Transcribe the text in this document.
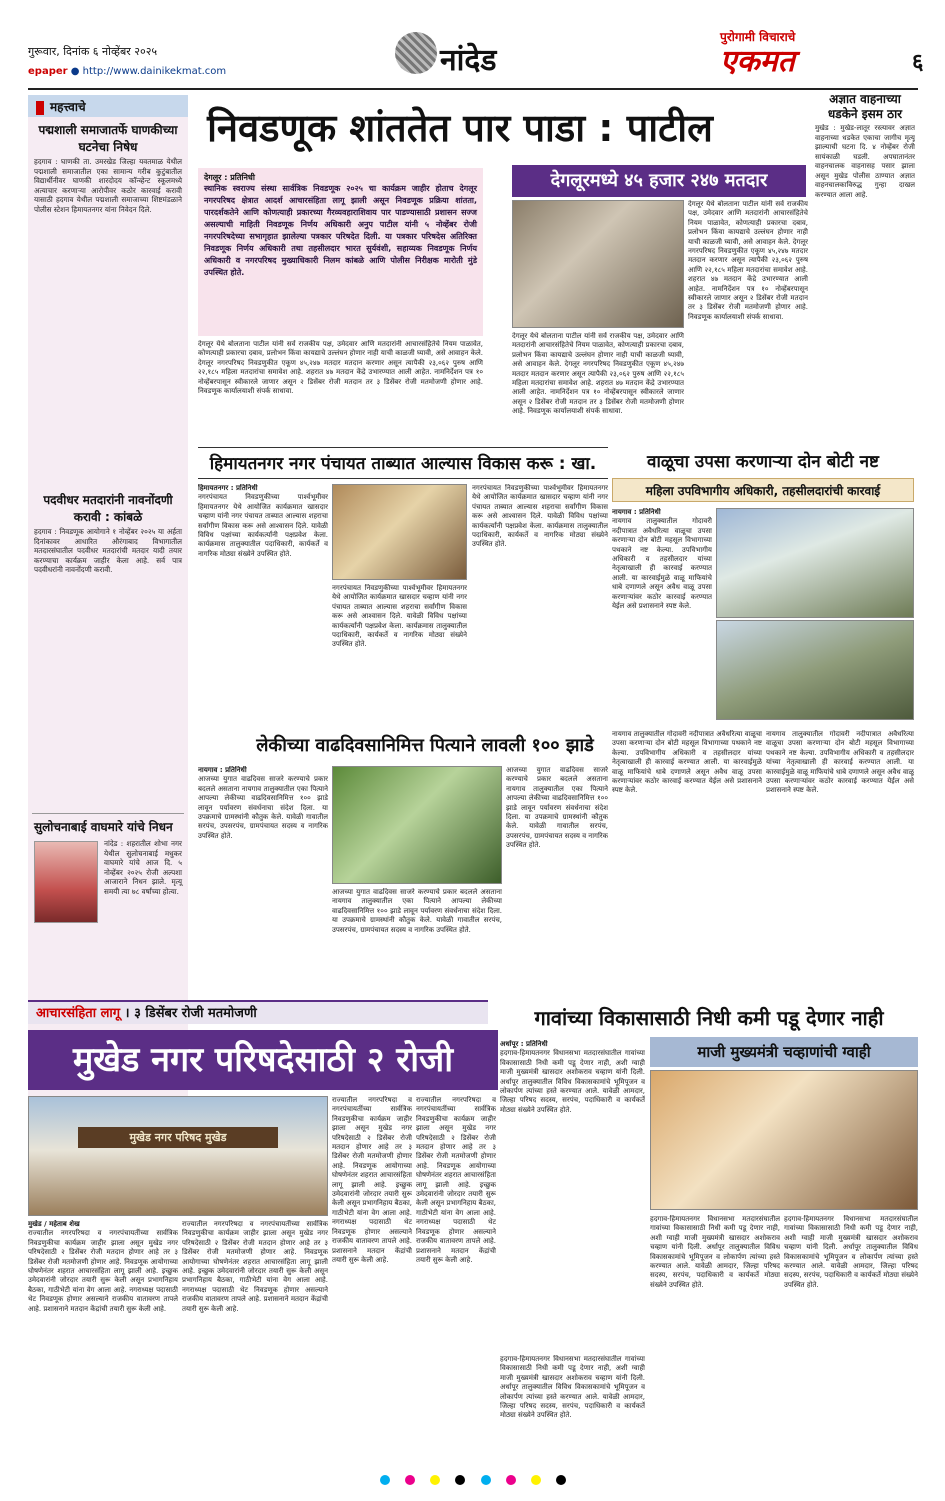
गुरूवार, दिनांक ६ नोव्हेंबर २०२५
epaper ● http://www.dainikekmat.com	नांदेड
पुरोगामी विचाराचे
एकमत	६
महत्त्वाचे
पद्मशाली समाजातर्फे घाणकीच्या घटनेचा निषेध
हदगाव : घाणकी ता. उमरखेड जिल्हा यवतमाळ येथील पद्मशाली समाजातील एका सामान्य गरीब कुटुंबातील विद्यार्थीनीवर घाणकी शारदोदय कॉन्व्हेन्ट स्कूलमध्ये अत्याचार करणाऱ्या आरोपीवर कठोर कारवाई करावी यासाठी हदगाव येथील पद्मशाली समाजाच्या शिष्टमंडळाने पोलीस स्टेशन हिमायतनगर यांना निवेदन दिले.
पदवीधर मतदारांनी नावनोंदणी करावी : कांबळे
हदगाव : निवडणूक आयोगाने १ नोव्हेंबर २०२५ या अर्हता दिनांकावर आधारित औरंगाबाद विभागातील मतदारसंघातील पदवीधर मतदारांची मतदार यादी तयार करण्याचा कार्यक्रम जाहीर केला आहे. सर्व पात्र पदवीधरांनी नावनोंदणी करावी.
सुलोचनाबाई वाघमारे यांचे निधन
नांदेड : शहरातील शोभा नगर येथील सुलोचनाबाई मधुकर वाघमारे यांचे आज दि. ५ नोव्हेंबर २०२५ रोजी अल्पशा आजाराने निधन झाले. मृत्यू समयी त्या ७८ वर्षांच्या होत्या.
निवडणूक शांततेत पार पाडा : पाटील
देगलूर : प्रतिनिधी
स्थानिक स्वराज्य संस्था सार्वत्रिक निवडणूक २०२५ चा कार्यक्रम जाहीर होताच देगलूर नगरपरिषद क्षेत्रात आदर्श आचारसंहिता लागू झाली असून निवडणूक प्रक्रिया शांतता, पारदर्शकतेने आणि कोणत्याही प्रकारच्या गैरव्यवहाराशिवाय पार पाडण्यासाठी प्रशासन सज्ज असल्याची माहिती निवडणूक निर्णय अधिकारी अनुप पाटील यांनी ५ नोव्हेंबर रोजी नगरपरिषदेच्या सभागृहात झालेल्या पत्रकार परिषदेत दिली. या पत्रकार परिषदेस अतिरिक्त निवडणूक निर्णय अधिकारी तथा तहसीलदार भारत सुर्यवंशी, सहाय्यक निवडणूक निर्णय अधिकारी व नगरपरिषद मुख्याधिकारी निलम कांबळे आणि पोलीस निरीक्षक मारोती मुंडे उपस्थित होते.
देगलूरमध्ये ४५ हजार २४७ मतदार
देगलूर येथे बोलताना पाटील यांनी सर्व राजकीय पक्ष, उमेदवार आणि मतदारांनी आचारसंहितेचे नियम पाळावेत, कोणत्याही प्रकारचा दबाव, प्रलोभन किंवा कायद्याचे उल्लंघन होणार नाही याची काळजी घ्यावी, असे आवाहन केले. देगलूर नगरपरिषद निवडणुकीत एकूण ४५,२४७ मतदार मतदान करणार असून त्यापैकी २३,०६२ पुरुष आणि २२,१८५ महिला मतदारांचा समावेश आहे. शहरात ४७ मतदान केंद्रे उभारण्यात आली आहेत. नामनिर्देशन पत्र १० नोव्हेंबरपासून स्वीकारले जाणार असून २ डिसेंबर रोजी मतदान तर ३ डिसेंबर रोजी मतमोजणी होणार आहे. निवडणूक कार्यालयाशी संपर्क साधावा.
देगलूर येथे बोलताना पाटील यांनी सर्व राजकीय पक्ष, उमेदवार आणि मतदारांनी आचारसंहितेचे नियम पाळावेत, कोणत्याही प्रकारचा दबाव, प्रलोभन किंवा कायद्याचे उल्लंघन होणार नाही याची काळजी घ्यावी, असे आवाहन केले. देगलूर नगरपरिषद निवडणुकीत एकूण ४५,२४७ मतदार मतदान करणार असून त्यापैकी २३,०६२ पुरुष आणि २२,१८५ महिला मतदारांचा समावेश आहे. शहरात ४७ मतदान केंद्रे उभारण्यात आली आहेत. नामनिर्देशन पत्र १० नोव्हेंबरपासून स्वीकारले जाणार असून २ डिसेंबर रोजी मतदान तर ३ डिसेंबर रोजी मतमोजणी होणार आहे. निवडणूक कार्यालयाशी संपर्क साधावा.
देगलूर येथे बोलताना पाटील यांनी सर्व राजकीय पक्ष, उमेदवार आणि मतदारांनी आचारसंहितेचे नियम पाळावेत, कोणत्याही प्रकारचा दबाव, प्रलोभन किंवा कायद्याचे उल्लंघन होणार नाही याची काळजी घ्यावी, असे आवाहन केले. देगलूर नगरपरिषद निवडणुकीत एकूण ४५,२४७ मतदार मतदान करणार असून त्यापैकी २३,०६२ पुरुष आणि २२,१८५ महिला मतदारांचा समावेश आहे. शहरात ४७ मतदान केंद्रे उभारण्यात आली आहेत. नामनिर्देशन पत्र १० नोव्हेंबरपासून स्वीकारले जाणार असून २ डिसेंबर रोजी मतदान तर ३ डिसेंबर रोजी मतमोजणी होणार आहे. निवडणूक कार्यालयाशी संपर्क साधावा.
अज्ञात वाहनाच्या धडकेने इसम ठार
मुखेड : मुखेड-लातूर रस्त्यावर अज्ञात वाहनाच्या धडकेत एकाचा जागीच मृत्यू झाल्याची घटना दि. ४ नोव्हेंबर रोजी सायंकाळी घडली. अपघातानंतर वाहनचालक वाहनासह पसार झाला असून मुखेड पोलीस ठाण्यात अज्ञात वाहनचालकाविरुद्ध गुन्हा दाखल करण्यात आला आहे.
हिमायतनगर नगर पंचायत ताब्यात आल्यास विकास करू : खा.
हिमायतनगर : प्रतिनिधी
नगरपंचायत निवडणुकीच्या पार्श्वभूमीवर हिमायतनगर येथे आयोजित कार्यक्रमात खासदार चव्हाण यांनी नगर पंचायत ताब्यात आल्यास शहराचा सर्वांगीण विकास करू असे आश्वासन दिले. यावेळी विविध पक्षांच्या कार्यकर्त्यांनी पक्षप्रवेश केला. कार्यक्रमास तालुक्यातील पदाधिकारी, कार्यकर्ते व नागरिक मोठ्या संख्येने उपस्थित होते.
नगरपंचायत निवडणुकीच्या पार्श्वभूमीवर हिमायतनगर येथे आयोजित कार्यक्रमात खासदार चव्हाण यांनी नगर पंचायत ताब्यात आल्यास शहराचा सर्वांगीण विकास करू असे आश्वासन दिले. यावेळी विविध पक्षांच्या कार्यकर्त्यांनी पक्षप्रवेश केला. कार्यक्रमास तालुक्यातील पदाधिकारी, कार्यकर्ते व नागरिक मोठ्या संख्येने उपस्थित होते.
नगरपंचायत निवडणुकीच्या पार्श्वभूमीवर हिमायतनगर येथे आयोजित कार्यक्रमात खासदार चव्हाण यांनी नगर पंचायत ताब्यात आल्यास शहराचा सर्वांगीण विकास करू असे आश्वासन दिले. यावेळी विविध पक्षांच्या कार्यकर्त्यांनी पक्षप्रवेश केला. कार्यक्रमास तालुक्यातील पदाधिकारी, कार्यकर्ते व नागरिक मोठ्या संख्येने उपस्थित होते.
वाळूचा उपसा करणाऱ्या दोन बोटी नष्ट
महिला उपविभागीय अधिकारी, तहसीलदारांची कारवाई
नायगाव : प्रतिनिधी
नायगाव तालुक्यातील गोदावरी नदीपात्रात अवैधरित्या वाळूचा उपसा करणाऱ्या दोन बोटी महसूल विभागाच्या पथकाने नष्ट केल्या. उपविभागीय अधिकारी व तहसीलदार यांच्या नेतृत्वाखाली ही कारवाई करण्यात आली. या कारवाईमुळे वाळू माफियांचे धाबे दणाणले असून अवैध वाळू उपसा करणाऱ्यांवर कठोर कारवाई करण्यात येईल असे प्रशासनाने स्पष्ट केले.
नायगाव तालुक्यातील गोदावरी नदीपात्रात अवैधरित्या वाळूचा उपसा करणाऱ्या दोन बोटी महसूल विभागाच्या पथकाने नष्ट केल्या. उपविभागीय अधिकारी व तहसीलदार यांच्या नेतृत्वाखाली ही कारवाई करण्यात आली. या कारवाईमुळे वाळू माफियांचे धाबे दणाणले असून अवैध वाळू उपसा करणाऱ्यांवर कठोर कारवाई करण्यात येईल असे प्रशासनाने स्पष्ट केले.
नायगाव तालुक्यातील गोदावरी नदीपात्रात अवैधरित्या वाळूचा उपसा करणाऱ्या दोन बोटी महसूल विभागाच्या पथकाने नष्ट केल्या. उपविभागीय अधिकारी व तहसीलदार यांच्या नेतृत्वाखाली ही कारवाई करण्यात आली. या कारवाईमुळे वाळू माफियांचे धाबे दणाणले असून अवैध वाळू उपसा करणाऱ्यांवर कठोर कारवाई करण्यात येईल असे प्रशासनाने स्पष्ट केले.
लेकीच्या वाढदिवसानिमित्त पित्याने लावली १०० झाडे
नायगाव : प्रतिनिधी
आजच्या युगात वाढदिवस साजरे करण्याचे प्रकार बदलले असताना नायगाव तालुक्यातील एका पित्याने आपल्या लेकीच्या वाढदिवसानिमित्त १०० झाडे लावून पर्यावरण संवर्धनाचा संदेश दिला. या उपक्रमाचे ग्रामस्थांनी कौतुक केले. यावेळी गावातील सरपंच, उपसरपंच, ग्रामपंचायत सदस्य व नागरिक उपस्थित होते.
आजच्या युगात वाढदिवस साजरे करण्याचे प्रकार बदलले असताना नायगाव तालुक्यातील एका पित्याने आपल्या लेकीच्या वाढदिवसानिमित्त १०० झाडे लावून पर्यावरण संवर्धनाचा संदेश दिला. या उपक्रमाचे ग्रामस्थांनी कौतुक केले. यावेळी गावातील सरपंच, उपसरपंच, ग्रामपंचायत सदस्य व नागरिक उपस्थित होते.
आजच्या युगात वाढदिवस साजरे करण्याचे प्रकार बदलले असताना नायगाव तालुक्यातील एका पित्याने आपल्या लेकीच्या वाढदिवसानिमित्त १०० झाडे लावून पर्यावरण संवर्धनाचा संदेश दिला. या उपक्रमाचे ग्रामस्थांनी कौतुक केले. यावेळी गावातील सरपंच, उपसरपंच, ग्रामपंचायत सदस्य व नागरिक उपस्थित होते.
आचारसंहिता लागू । ३ डिसेंबर रोजी मतमोजणी
मुखेड नगर परिषदेसाठी २ रोजी
मुखेड नगर परिषद मुखेड
मुखेड / महेताब शेख
राज्यातील नगरपरिषदा व नगरपंचायतींच्या सार्वत्रिक निवडणुकीचा कार्यक्रम जाहीर झाला असून मुखेड नगर परिषदेसाठी २ डिसेंबर रोजी मतदान होणार आहे तर ३ डिसेंबर रोजी मतमोजणी होणार आहे. निवडणूक आयोगाच्या घोषणेनंतर शहरात आचारसंहिता लागू झाली आहे. इच्छुक उमेदवारांनी जोरदार तयारी सुरू केली असून प्रभागनिहाय बैठका, गाठीभेटी यांना वेग आला आहे. नगराध्यक्ष पदासाठी थेट निवडणूक होणार असल्याने राजकीय वातावरण तापले आहे. प्रशासनाने मतदान केंद्रांची तयारी सुरू केली आहे.
राज्यातील नगरपरिषदा व नगरपंचायतींच्या सार्वत्रिक निवडणुकीचा कार्यक्रम जाहीर झाला असून मुखेड नगर परिषदेसाठी २ डिसेंबर रोजी मतदान होणार आहे तर ३ डिसेंबर रोजी मतमोजणी होणार आहे. निवडणूक आयोगाच्या घोषणेनंतर शहरात आचारसंहिता लागू झाली आहे. इच्छुक उमेदवारांनी जोरदार तयारी सुरू केली असून प्रभागनिहाय बैठका, गाठीभेटी यांना वेग आला आहे. नगराध्यक्ष पदासाठी थेट निवडणूक होणार असल्याने राजकीय वातावरण तापले आहे. प्रशासनाने मतदान केंद्रांची तयारी सुरू केली आहे.
राज्यातील नगरपरिषदा व नगरपंचायतींच्या सार्वत्रिक निवडणुकीचा कार्यक्रम जाहीर झाला असून मुखेड नगर परिषदेसाठी २ डिसेंबर रोजी मतदान होणार आहे तर ३ डिसेंबर रोजी मतमोजणी होणार आहे. निवडणूक आयोगाच्या घोषणेनंतर शहरात आचारसंहिता लागू झाली आहे. इच्छुक उमेदवारांनी जोरदार तयारी सुरू केली असून प्रभागनिहाय बैठका, गाठीभेटी यांना वेग आला आहे. नगराध्यक्ष पदासाठी थेट निवडणूक होणार असल्याने राजकीय वातावरण तापले आहे. प्रशासनाने मतदान केंद्रांची तयारी सुरू केली आहे.
राज्यातील नगरपरिषदा व नगरपंचायतींच्या सार्वत्रिक निवडणुकीचा कार्यक्रम जाहीर झाला असून मुखेड नगर परिषदेसाठी २ डिसेंबर रोजी मतदान होणार आहे तर ३ डिसेंबर रोजी मतमोजणी होणार आहे. निवडणूक आयोगाच्या घोषणेनंतर शहरात आचारसंहिता लागू झाली आहे. इच्छुक उमेदवारांनी जोरदार तयारी सुरू केली असून प्रभागनिहाय बैठका, गाठीभेटी यांना वेग आला आहे. नगराध्यक्ष पदासाठी थेट निवडणूक होणार असल्याने राजकीय वातावरण तापले आहे. प्रशासनाने मतदान केंद्रांची तयारी सुरू केली आहे.
गावांच्या विकासासाठी निधी कमी पडू देणार नाही
माजी मुख्यमंत्री चव्हाणांची ग्वाही
अर्धापूर : प्रतिनिधी
हदगाव-हिमायतनगर विधानसभा मतदारसंघातील गावांच्या विकासासाठी निधी कमी पडू देणार नाही, अशी ग्वाही माजी मुख्यमंत्री खासदार अशोकराव चव्हाण यांनी दिली. अर्धापूर तालुक्यातील विविध विकासकामांचे भूमिपूजन व लोकार्पण त्यांच्या हस्ते करण्यात आले. यावेळी आमदार, जिल्हा परिषद सदस्य, सरपंच, पदाधिकारी व कार्यकर्ते मोठ्या संख्येने उपस्थित होते.
हदगाव-हिमायतनगर विधानसभा मतदारसंघातील गावांच्या विकासासाठी निधी कमी पडू देणार नाही, अशी ग्वाही माजी मुख्यमंत्री खासदार अशोकराव चव्हाण यांनी दिली. अर्धापूर तालुक्यातील विविध विकासकामांचे भूमिपूजन व लोकार्पण त्यांच्या हस्ते करण्यात आले. यावेळी आमदार, जिल्हा परिषद सदस्य, सरपंच, पदाधिकारी व कार्यकर्ते मोठ्या संख्येने उपस्थित होते.
हदगाव-हिमायतनगर विधानसभा मतदारसंघातील गावांच्या विकासासाठी निधी कमी पडू देणार नाही, अशी ग्वाही माजी मुख्यमंत्री खासदार अशोकराव चव्हाण यांनी दिली. अर्धापूर तालुक्यातील विविध विकासकामांचे भूमिपूजन व लोकार्पण त्यांच्या हस्ते करण्यात आले. यावेळी आमदार, जिल्हा परिषद सदस्य, सरपंच, पदाधिकारी व कार्यकर्ते मोठ्या संख्येने उपस्थित होते.
हदगाव-हिमायतनगर विधानसभा मतदारसंघातील गावांच्या विकासासाठी निधी कमी पडू देणार नाही, अशी ग्वाही माजी मुख्यमंत्री खासदार अशोकराव चव्हाण यांनी दिली. अर्धापूर तालुक्यातील विविध विकासकामांचे भूमिपूजन व लोकार्पण त्यांच्या हस्ते करण्यात आले. यावेळी आमदार, जिल्हा परिषद सदस्य, सरपंच, पदाधिकारी व कार्यकर्ते मोठ्या संख्येने उपस्थित होते.
